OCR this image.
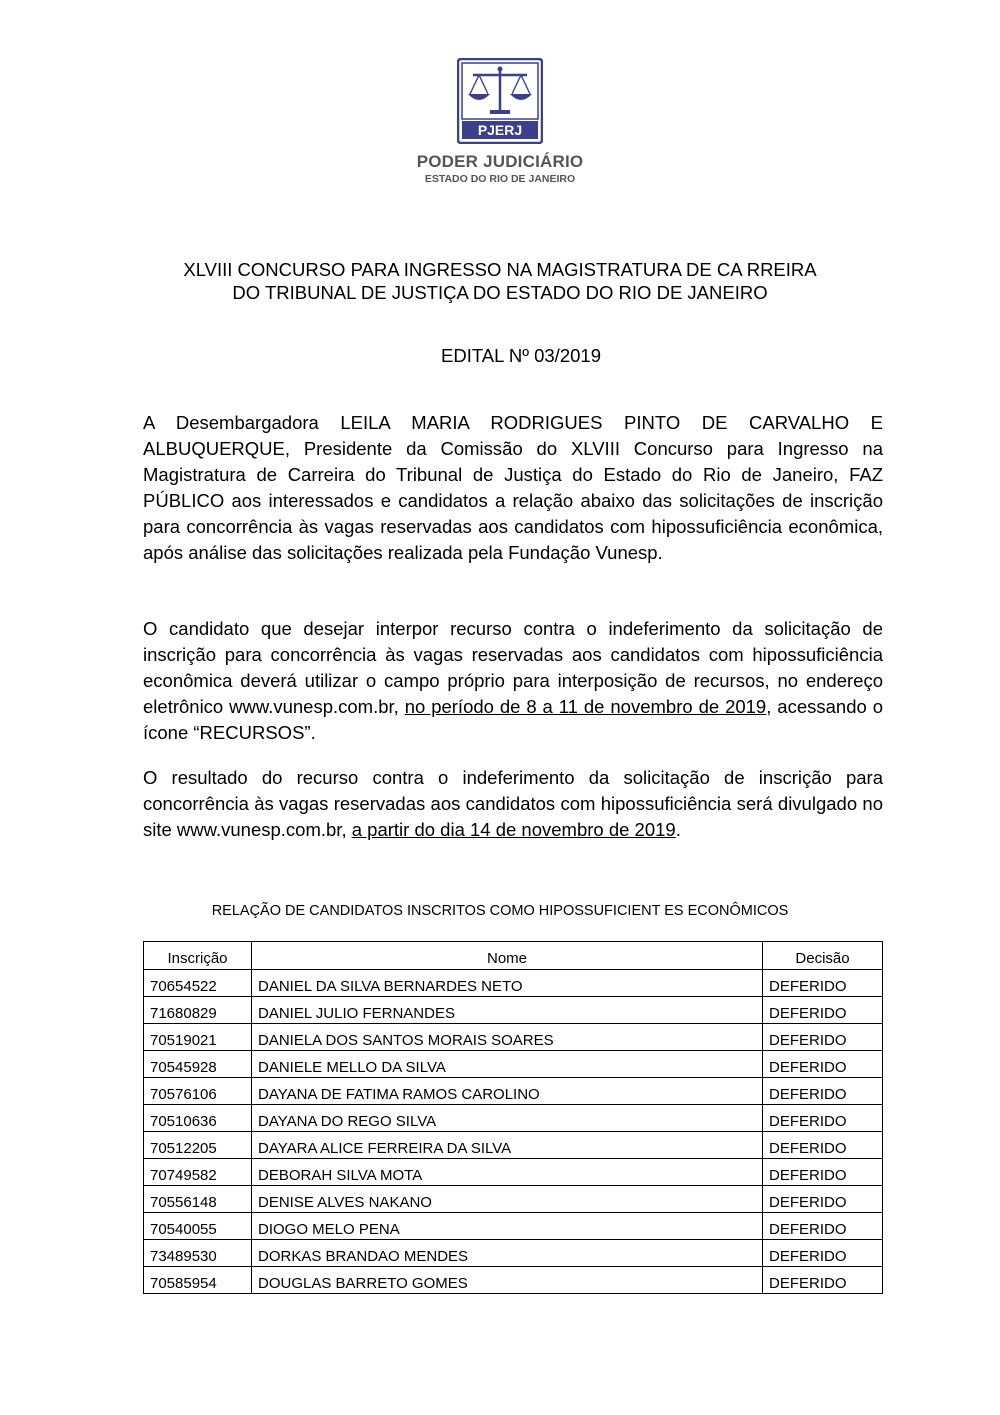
PJERJ
PODER JUDICIÁRIO
ESTADO DO RIO DE JANEIRO
XLVIII CONCURSO PARA INGRESSO NA MAGISTRATURA DE CA RREIRA
DO TRIBUNAL DE JUSTIÇA DO ESTADO DO RIO DE JANEIRO
EDITAL Nº 03/2019
A Desembargadora LEILA MARIA RODRIGUES PINTO DE CARVALHO E ALBUQUERQUE, Presidente da Comissão do XLVIII Concurso para Ingresso na Magistratura de Carreira do Tribunal de Justiça do Estado do Rio de Janeiro, FAZ PÚBLICO aos interessados e candidatos a relação abaixo das solicitações de inscrição para concorrência às vagas reservadas aos candidatos com hipossuficiência econômica, após análise das solicitações realizada pela Fundação Vunesp.
O candidato que desejar interpor recurso contra o indeferimento da solicitação de inscrição para concorrência às vagas reservadas aos candidatos com hipossuficiência econômica deverá utilizar o campo próprio para interposição de recursos, no endereço eletrônico www.vunesp.com.br, no período de 8 a 11 de novembro de 2019, acessando o ícone “RECURSOS”.
O resultado do recurso contra o indeferimento da solicitação de inscrição para concorrência às vagas reservadas aos candidatos com hipossuficiência será divulgado no site www.vunesp.com.br, a partir do dia 14 de novembro de 2019.
RELAÇÃO DE CANDIDATOS INSCRITOS COMO HIPOSSUFICIENT ES ECONÔMICOS
Inscrição	Nome	Decisão
70654522	DANIEL DA SILVA BERNARDES NETO	DEFERIDO
71680829	DANIEL JULIO FERNANDES	DEFERIDO
70519021	DANIELA DOS SANTOS MORAIS SOARES	DEFERIDO
70545928	DANIELE MELLO DA SILVA	DEFERIDO
70576106	DAYANA DE FATIMA RAMOS CAROLINO	DEFERIDO
70510636	DAYANA DO REGO SILVA	DEFERIDO
70512205	DAYARA ALICE FERREIRA DA SILVA	DEFERIDO
70749582	DEBORAH SILVA MOTA	DEFERIDO
70556148	DENISE ALVES NAKANO	DEFERIDO
70540055	DIOGO MELO PENA	DEFERIDO
73489530	DORKAS BRANDAO MENDES	DEFERIDO
70585954	DOUGLAS BARRETO GOMES	DEFERIDO
